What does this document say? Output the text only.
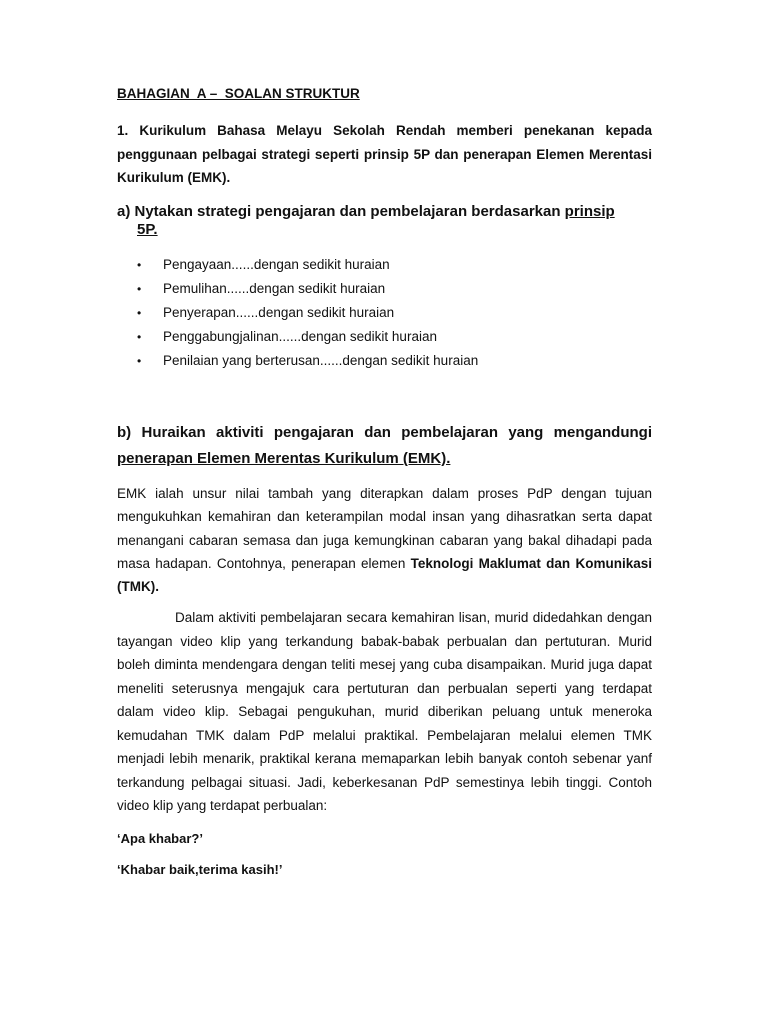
BAHAGIAN  A –  SOALAN STRUKTUR

1. Kurikulum Bahasa Melayu Sekolah Rendah memberi penekanan kepada penggunaan pelbagai strategi seperti prinsip 5P dan penerapan Elemen Merentasi Kurikulum (EMK).

a) Nytakan strategi pengajaran dan pembelajaran berdasarkan prinsip
5P.

• Pengayaan......dengan sedikit huraian
• Pemulihan......dengan sedikit huraian
• Penyerapan......dengan sedikit huraian
• Penggabungjalinan......dengan sedikit huraian
• Penilaian yang berterusan......dengan sedikit huraian

b) Huraikan aktiviti pengajaran dan pembelajaran yang mengandungi
penerapan Elemen Merentas Kurikulum (EMK).

EMK ialah unsur nilai tambah yang diterapkan dalam proses PdP dengan tujuan mengukuhkan kemahiran dan keterampilan modal insan yang dihasratkan serta dapat menangani cabaran semasa dan juga kemungkinan cabaran yang bakal dihadapi pada masa hadapan. Contohnya, penerapan elemen Teknologi Maklumat dan Komunikasi (TMK).

Dalam aktiviti pembelajaran secara kemahiran lisan, murid didedahkan dengan tayangan video klip yang terkandung babak-babak perbualan dan pertuturan. Murid boleh diminta mendengara dengan teliti mesej yang cuba disampaikan. Murid juga dapat meneliti seterusnya mengajuk cara pertuturan dan perbualan seperti yang terdapat dalam video klip. Sebagai pengukuhan, murid diberikan peluang untuk meneroka kemudahan TMK dalam PdP melalui praktikal. Pembelajaran melalui elemen TMK menjadi lebih menarik, praktikal kerana memaparkan lebih banyak contoh sebenar yanf terkandung pelbagai situasi. Jadi, keberkesanan PdP semestinya lebih tinggi. Contoh video klip yang terdapat perbualan:

‘Apa khabar?’

‘Khabar baik,terima kasih!’
